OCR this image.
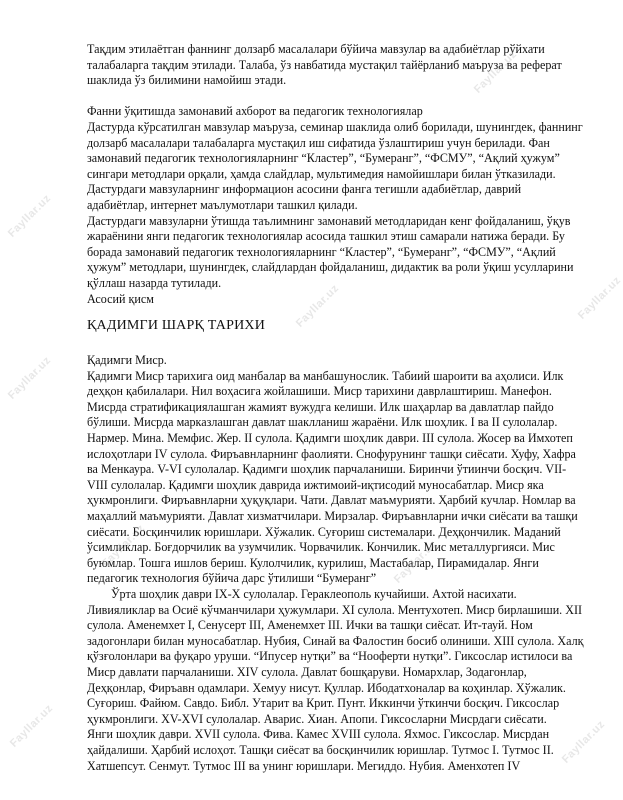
Тақдим этилаётган фаннинг долзарб масалалари бўйича мавзулар ва адабиётлар рўйхати талабаларга тақдим этилади. Талаба, ўз навбатида мустақил тайёрланиб маъруза ва реферат шаклида ўз билимини намойиш этади.

Фанни ўқитишда замонавий ахборот ва педагогик технологиялар

Дастурда кўрсатилган мавзулар маъруза, семинар шаклида олиб борилади, шунингдек, фаннинг долзарб масалалари талабаларга мустақил иш сифатида ўзлаштириш учун берилади. Фан замонавий педагогик технологияларнинг “Кластер”, “Бумеранг”, “ФСМУ”, “Ақлий ҳужум” сингари методлари орқали, ҳамда слайдлар, мультимедия намойишлари билан ўтказилади.

Дастурдаги мавзуларнинг информацион асосини фанга тегишли адабиётлар, даврий адабиётлар, интернет маълумотлари ташкил қилади.

Дастурдаги мавзуларни ўтишда таълимнинг замонавий методларидан кенг фойдаланиш, ўқув жараёнини янги педагогик технологиялар асосида ташкил этиш самарали натижа беради. Бу борада замонавий педагогик технологияларнинг “Кластер”, “Бумеранг”, “ФСМУ”, “Ақлий ҳужум” методлари, шунингдек, слайдлардан фойдаланиш, дидактик ва роли ўқиш усулларини қўллаш назарда тутилади.

Асосий қисм

ҚАДИМГИ ШАРҚ ТАРИХИ

Қадимги Миср.

Қадимги Миср тарихига оид манбалар ва манбашунослик. Табиий шароити ва аҳолиси. Илк деҳқон қабилалари. Нил воҳасига жойлашиши. Миср тарихини даврлаштириш. Манефон. Мисрда стратификациялашган жамият вужудга келиши. Илк шаҳарлар ва давлатлар пайдо бўлиши. Мисрда марказлашган давлат шаклланиш жараёни. Илк шоҳлик. I ва II сулолалар. Нармер. Мина. Мемфис. Жер. II сулола. Қадимги шоҳлик даври. III сулола. Жосер ва Имхотеп ислоҳотлари IV сулола. Фиръавнларнинг фаолияти. Снофурунинг ташқи сиёсати. Хуфу, Хафра ва Менкаура. V-VI сулолалар. Қадимги шоҳлик парчаланиши. Биринчи ўтиинчи босқич. VII-VIII сулолалар. Қадимги шоҳлик даврида ижтимоий-иқтисодий муносабатлар. Миср яка ҳукмронлиги. Фиръавнларни ҳуқуқлари. Чати. Давлат маъмурияти. Ҳарбий кучлар. Номлар ва маҳаллий маъмурияти. Давлат хизматчилари. Мирзалар. Фиръавнларни ички сиёсати ва ташқи сиёсати. Босқинчилик юришлари. Хўжалик. Суғориш системалари. Деҳқончилик. Маданий ўсимликлар. Боғдорчилик ва узумчилик. Чорвачилик. Кончилик. Мис металлургияси. Мис буюмлар. Тошга ишлов бериш. Кулолчилик, курилиш, Мастабалар, Пирамидалар. Янги педагогик технология бўйича дарс ўтилиши “Бумеранг”

Ўрта шоҳлик даври IX-X сулолалар. Гераклеополь кучайиши. Ахтой насихати. Ливияликлар ва Осиё кўчманчилари ҳужумлари. XI сулола. Ментухотеп. Миср бирлашиши. XII сулола. Аменемхет I, Сенусерт III, Аменемхет III. Ички ва ташқи сиёсат. Ит-тауй. Ном задогонлари билан муносабатлар. Нубия, Синай ва Фалостин босиб олиниши. XIII сулола. Халқ қўзғолонлари ва фуқаро уруши. “Ипусер нутқи” ва “Нооферти нутқи”. Гиксослар истилоси ва Миср давлати парчаланиши. XIV сулола. Давлат бошқаруви. Номархлар, Зодагонлар, Деҳқонлар, Фиръавн одамлари. Хемуу нисут. Қуллар. Ибодатхоналар ва коҳинлар. Хўжалик. Суғориш. Файюм. Савдо. Библ. Утарит ва Крит. Пунт. Иккинчи ўткинчи босқич. Гиксослар ҳукмронлиги. XV-XVI сулолалар. Аварис. Хиан. Апопи. Гиксосларни Мисрдаги сиёсати.

Янги шоҳлик даври. XVII сулола. Фива. Камес XVIII сулола. Яхмос. Гиксослар. Мисрдан ҳайдалиши. Ҳарбий ислоҳот. Ташқи сиёсат ва босқинчилик юришлар. Тутмос I. Тутмос II. Хатшепсут. Сенмут. Тутмос III ва унинг юришлари. Мегиддо. Нубия. Аменхотеп IV

Fayllar.uz
Fayllar.uz
Fayllar.uz	Fayllar.uz
Fayllar.uz
Fayllar.uz	Fayllar.uz
Fayllar.uz	Fayllar.uz
